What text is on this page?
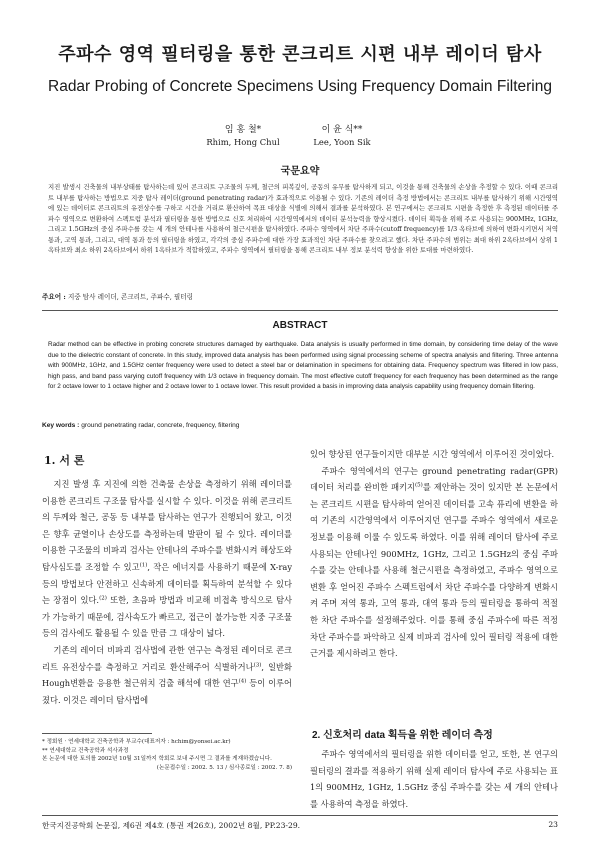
주파수 영역 필터링을 통한 콘크리트 시편 내부 레이더 탐사
Radar Probing of Concrete Specimens Using Frequency Domain Filtering
임 홍 철*
Rhim, Hong Chul
이 윤 식**
Lee, Yoon Sik
국문요약
지진 발생시 건축물의 내부상태를 탐사하는데 있어 콘크리트 구조물의 두께, 철근의 피복깊이, 공동의 유무를 탐사하게 되고, 이것을 통해 건축물의 손상을 추정할 수 있다. 이때 콘크리트 내부를 탐사하는 방법으로 지중 탐사 레이더(ground penetrating radar)가 효과적으로 이용될 수 있다. 기존의 레이더 측정 방법에서는 콘크리트 내부를 탐사하기 위해 시간영역에 있는 데이터로 콘크리트의 유전상수를 구하고 시간을 거리로 환산하여 목표 대상을 식별에 의해서 결과를 분석하였다. 본 연구에서는 콘크리트 시편을 측정한 후 측정된 데이터를 주파수 영역으로 변환하여 스펙트럼 분석과 필터링을 통한 방법으로 신호 처리하여 시간영역에서의 데이터 분석능력을 향상시켰다. 데이터 획득을 위해 주로 사용되는 900MHz, 1GHz, 그리고 1.5GHz의 중심 주파수를 갖는 세 개의 안테나를 사용하여 철근시편을 탐사하였다. 주파수 영역에서 차단 주파수(cutoff frequency)를 1/3 옥타브에 의하여 변화시키면서 저역 통과, 고역 통과, 그리고, 대역 통과 등의 필터링을 하였고, 각각의 중심 주파수에 대한 가장 효과적인 차단 주파수를 찾으려고 했다. 차단 주파수의 범위는 최대 하위 2옥타브에서 상위 1옥타브와 최소 하위 2옥타브에서 하위 1옥타브가 적합하였고, 주파수 영역에서 필터링을 통해 콘크리트 내부 정보 분석력 향상을 위한 토대를 마련하였다.
주요어 : 지중 탐사 레이더, 콘크리트, 주파수, 필터링
ABSTRACT
Radar method can be effective in probing concrete structures damaged by earthquake. Data analysis is usually performed in time domain, by considering time delay of the wave due to the dielectric constant of concrete. In this study, improved data analysis has been performed using signal processing scheme of spectra analysis and filtering. Three antenna with 900MHz, 1GHz, and 1.5GHz center frequency were used to detect a steel bar or delamination in specimens for obtaining data. Frequency spectrum was filtered in low pass, high pass, and band pass varying cutoff frequency with 1/3 octave in frequency domain. The most effective cutoff frequency for each frequency has been determined as the range for 2 octave lower to 1 octave higher and 2 octave lower to 1 octave lower. This result provided a basis in improving data analysis capability using frequency domain filtering.
Key words : ground penetrating radar, concrete, frequency, filtering
1. 서 론

지진 발생 후 지진에 의한 건축물 손상을 측정하기 위해 레이더를 이용한 콘크리트 구조물 탐사를 실시할 수 있다. 이것을 위해 콘크리트의 두께와 철근, 공동 등 내부를 탐사하는 연구가 진행되어 왔고, 이것은 향후 균열이나 손상도를 측정하는데 발판이 될 수 있다. 레이더를 이용한 구조물의 비파괴 검사는 안테나의 주파수를 변화시켜 해상도와 탐사심도를 조정할 수 있고$^{(1)}$, 작은 에너지를 사용하기 때문에 X-ray 등의 방법보다 안전하고 신속하게 데이터를 획득하여 분석할 수 있다는 장점이 있다.$^{(2)}$ 또한, 초음파 방법과 비교해 비접촉 방식으로 탐사가 가능하기 때문에, 검사속도가 빠르고, 접근이 불가능한 지중 구조물 등의 검사에도 활용될 수 있을 만큼 그 대상이 넓다.

기존의 레이더 비파괴 검사법에 관한 연구는 측정된 레이더로 콘크리트 유전상수를 측정하고 거리로 환산해주어 식별하거나$^{(3)}$, 일반화 Hough변환을 응용한 철근위치 검출 해석에 대한 연구$^{(4)}$ 등이 이루어졌다. 이것은 레이더 탐사법에

* 정회원 · 연세대학교 건축공학과 부교수(대표저자 : hchim@yonsei.ac.kr)
** 연세대학교 건축공학과 석사과정
본 논문에 대한 토의를 2002년 10월 31일까지 학회로 보내 주시면 그 결과를 게재하겠습니다.
(논문접수일 : 2002. 5. 13 / 심사종료일 : 2002. 7. 8)

있어 향상된 연구들이지만 대부분 시간 영역에서 이루어진 것이었다.

주파수 영역에서의 연구는 ground penetrating radar(GPR) 데이터 처리를 완비한 패키지$^{(5)}$를 제안하는 것이 있지만 본 논문에서는 콘크리트 시편을 탐사하여 얻어진 데이터를 고속 퓨리에 변환을 하여 기존의 시간영역에서 이루어지던 연구를 주파수 영역에서 새로운 정보를 이용해 이룰 수 있도록 하였다. 이를 위해 레이더 탐사에 주로 사용되는 안테나인 900MHz, 1GHz, 그리고 1.5GHz의 중심 주파수를 갖는 안테나를 사용해 철근시편을 측정하였고, 주파수 영역으로 변환 후 얻어진 주파수 스펙트럼에서 차단 주파수를 다양하게 변화시켜 주며 저역 통과, 고역 통과, 대역 통과 등의 필터링을 통하여 적절한 차단 주파수를 설정해주었다. 이를 통해 중심 주파수에 따른 적정 차단 주파수를 파악하고 실제 비파괴 검사에 있어 필터링 적용에 대한 근거를 제시하려고 한다.

2. 신호처리 data 획득을 위한 레이더 측정

주파수 영역에서의 필터링을 위한 데이터를 얻고, 또한, 본 연구의 필터링의 결과를 적용하기 위해 실제 레이더 탐사에 주로 사용되는 표 1의 900MHz, 1GHz, 1.5GHz 중심 주파수를 갖는 세 개의 안테나를 사용하여 측정을 하였다.

한국지진공학회 논문집, 제6권 제4호 (통권 제26호), 2002년 8월, PP.23-29.	23
